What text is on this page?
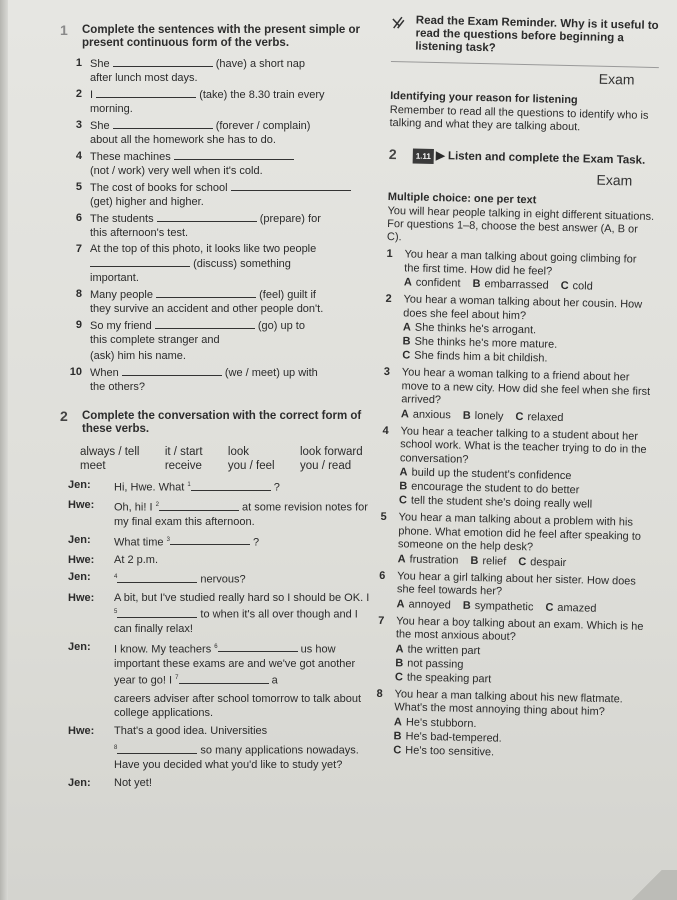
1	Complete the sentences with the present simple or present continuous form of the verbs.
1 She	(have) a short nap
after lunch most days.
2 I	(take) the 8.30 train every
morning.
3 She	(forever / complain)
about all the homework she has to do.
4 These machines
(not / work) very well when it's cold.
5 The cost of books for school
(get) higher and higher.
6 The students	(prepare) for
this afternoon's test.
7 At the top of this photo, it looks like two people  (discuss) something
important.
8 Many people	(feel) guilt if
they survive an accident and other people don't.
9 So my friend	(go) up to
this complete stranger and
(ask) him his name.

10 When	(we / meet) up with
the others?
2	Complete the conversation with the correct form of these verbs.
always / tell	it / start	look	look forward
meet	receive	you / feel	you / read
Jen:	Hi, Hwe. What $^1$	?
Hwe:	Oh, hi! I $^2$	at some revision notes for my final exam this afternoon.
Jen:	What time $^3$	?
Hwe:	At 2 p.m.
Jen:	$^4$	nervous?
Hwe:	A bit, but I've studied really hard so I should be OK. I $^5$	to when it's all over though and I can finally relax!
Jen:	I know. My teachers $^6$	us how important these exams are and we've got another year to go! I $^7$	a
careers adviser after school tomorrow to talk about college applications.
Hwe:	That's a good idea. Universities
$^8$	so many applications nowadays. Have you decided what you'd like to study yet?
Jen:	Not yet!
Read the Exam Reminder. Why is it useful to read the questions before beginning a listening task?
Exam
Identifying your reason for listening
Remember to read all the questions to identify who is talking and what they are talking about.
2	1.11 ▶ Listen and complete the Exam Task.
Exam
Multiple choice: one per text
You will hear people talking in eight different situations. For questions 1–8, choose the best answer (A, B or C).
1	You hear a man talking about going climbing for the first time. How did he feel?
A confident B embarrassed C cold
2	You hear a woman talking about her cousin. How does she feel about him?
A She thinks he's arrogant.
B She thinks he's more mature.
C She finds him a bit childish.
3	You hear a woman talking to a friend about her move to a new city. How did she feel when she first arrived?
A anxious B lonely C relaxed
4	You hear a teacher talking to a student about her school work. What is the teacher trying to do in the conversation?
A build up the student's confidence
B encourage the student to do better
C tell the student she's doing really well
5	You hear a man talking about a problem with his phone. What emotion did he feel after speaking to someone on the help desk?
A frustration B relief C despair
6	You hear a girl talking about her sister. How does she feel towards her?
A annoyed B sympathetic C amazed
7	You hear a boy talking about an exam. Which is he the most anxious about?
A the written part
B not passing
C the speaking part
8	You hear a man talking about his new flatmate. What's the most annoying thing about him?
A He's stubborn.
B He's bad-tempered.
C He's too sensitive.
